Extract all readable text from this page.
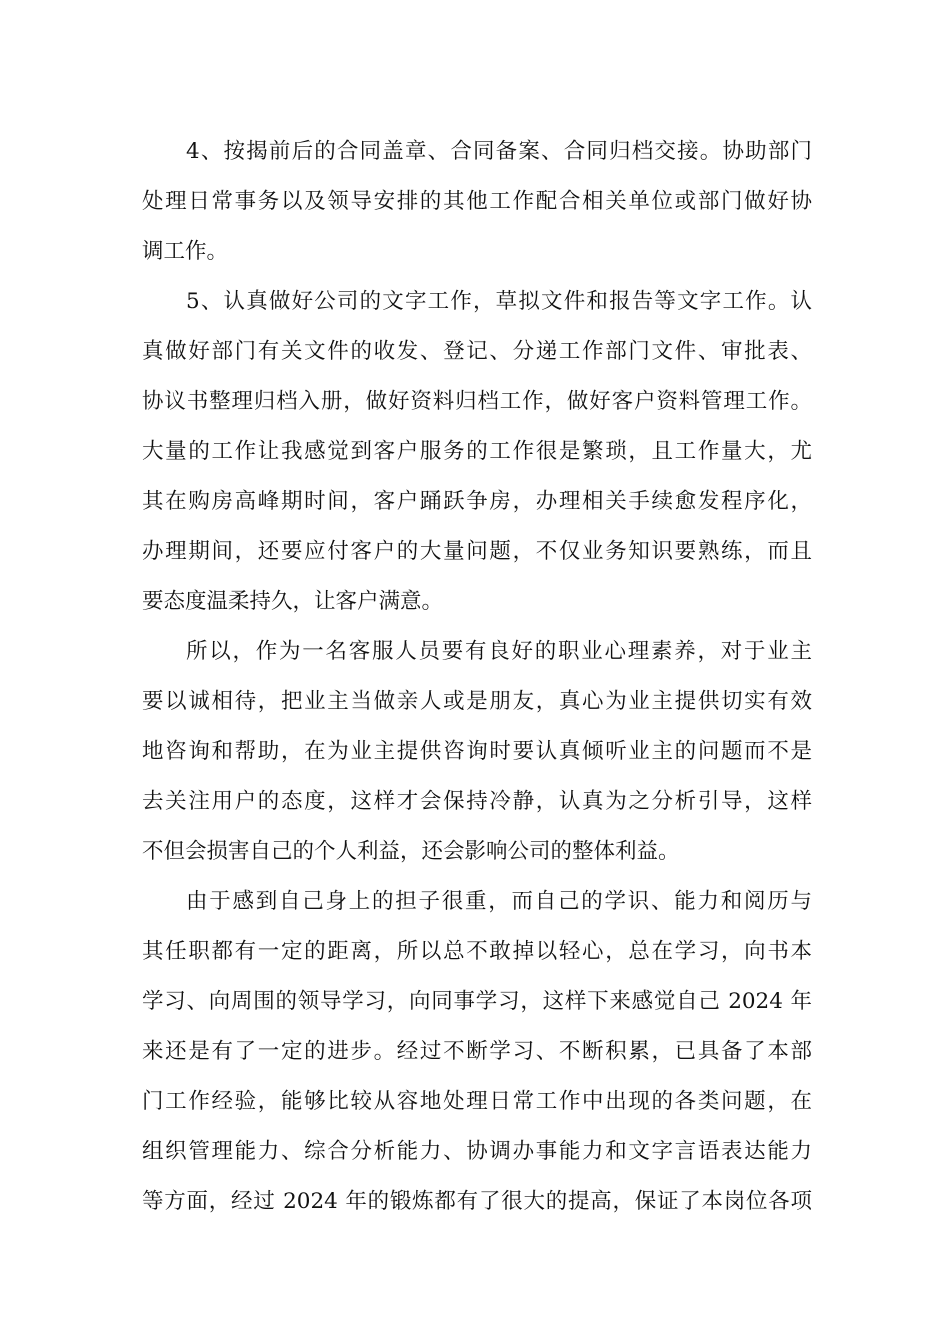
4、按揭前后的合同盖章、合同备案、合同归档交接。协助部门
处理日常事务以及领导安排的其他工作配合相关单位或部门做好协
调工作。
5、认真做好公司的文字工作，草拟文件和报告等文字工作。认
真做好部门有关文件的收发、登记、分递工作部门文件、审批表、
协议书整理归档入册，做好资料归档工作，做好客户资料管理工作。
大量的工作让我感觉到客户服务的工作很是繁琐，且工作量大，尤
其在购房高峰期时间，客户踊跃争房，办理相关手续愈发程序化，
办理期间，还要应付客户的大量问题，不仅业务知识要熟练，而且
要态度温柔持久，让客户满意。
所以，作为一名客服人员要有良好的职业心理素养，对于业主
要以诚相待，把业主当做亲人或是朋友，真心为业主提供切实有效
地咨询和帮助，在为业主提供咨询时要认真倾听业主的问题而不是
去关注用户的态度，这样才会保持冷静，认真为之分析引导，这样
不但会损害自己的个人利益，还会影响公司的整体利益。
由于感到自己身上的担子很重，而自己的学识、能力和阅历与
其任职都有一定的距离，所以总不敢掉以轻心，总在学习，向书本
学习、向周围的领导学习，向同事学习，这样下来感觉自己 2024 年
来还是有了一定的进步。经过不断学习、不断积累，已具备了本部
门工作经验，能够比较从容地处理日常工作中出现的各类问题，在
组织管理能力、综合分析能力、协调办事能力和文字言语表达能力
等方面，经过 2024 年的锻炼都有了很大的提高，保证了本岗位各项
